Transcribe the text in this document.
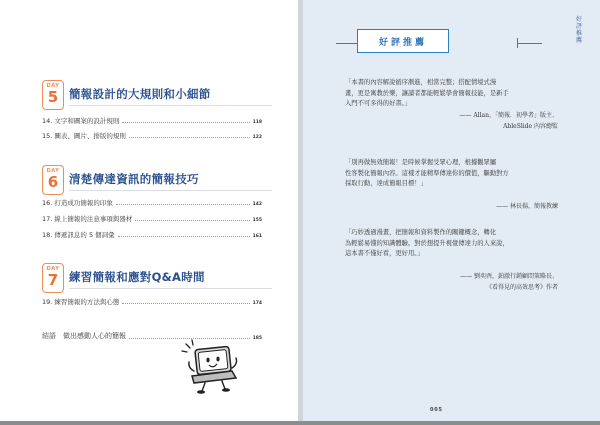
DAY
5 簡報設計的大規則和小細節
14. 文字和圖案的設計規則	118
15. 圖表、圖片、排版的規則	122
DAY
6 清楚傳達資訊的簡報技巧
16. 打造成功簡報的印象	142
17. 線上簡報的注意事項與器材	155
18. 傳遞訊息的 5 個詞彙	161
DAY
7 練習簡報和應對Q&A時間
19. 練習簡報的方法與心態	174
結語　做出感動人心的簡報	185
好評推薦
好評推薦
「本書的內容解說循序漸進，相當完整；搭配情境式漫
畫，更是寓教於樂，讓讀者都能輕鬆學會簡報技能，是新手
入門不可多得的好書。」
—— Allan，「簡報．初學者」版主、
AbleSlide 內容總監
「別再做無效簡報！是時候掌握受眾心理，根據觀眾屬
性客製化簡報內容。這樣才能精準傳達你的價值，驅動對方
採取行動，達成簡報目標！」
—— 林長揚，簡報教練
「巧妙透過漫畫，把簡報和資料製作的關鍵概念，轉化
為輕鬆易懂的知識體驗。對於想提升視覺傳達力的人來說，
這本書不僅好看，更好用。」
—— 劉奕酉，鉑澈行銷顧問策略長、
《看得見的高效思考》作者
005
